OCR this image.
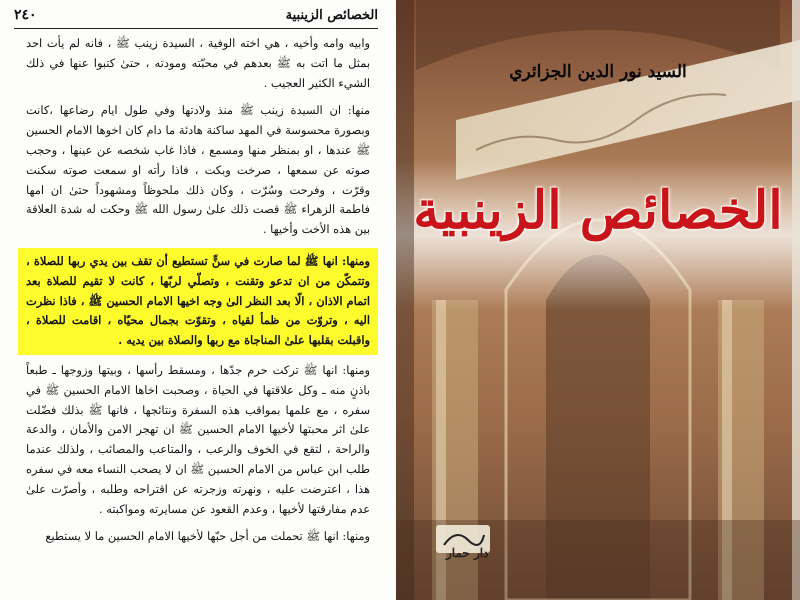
الخصائص الزينبية
٢٤٠

وابيه وامه وأخيه ، هي اخته الوفية ، السيدة زينب ﷺ ، فانه لم يأت احد بمثل ما اتت به ﷺ بعدهم في محبّته ومودته ، حتىٰ كتبوا عنها في ذلك الشيء الكثير العجيب .

منها: ان السيدة زينب ﷺ منذ ولادتها وفي طول ايام رضاعها ،كانت وبصورة محسوسة في المهد ساكنة هادئة ما دام كان اخوها الامام الحسين ﷺ عندها ، او بمنظر منها ومسمع ، فاذا غاب شخصه عن عينها ، وحجب صوته عن سمعها ، صرخت وبكت ، فاذا رأته او سمعت صوته سكنت وقرّت ، وفرحت وسُرّت ، وكان ذلك ملحوظاً ومشهوداً حتىٰ ان امها فاطمة الزهراء ﷺ قصت ذلك علىٰ رسول الله ﷺ وحكت له شدة العلاقة بين هذه الأخت وأخيها .

ومنها: انها ﷺ لما صارت في سنٍّ تستطيع أن تقف بين يدي ربها للصلاة ، وتتمكّن من ان تدعو وتقنت ، وتصلّي لربّها ، كانت لا تقيم للصلاة بعد اتمام الاذان ، الّا بعد النظر الىٰ وجه اخيها الامام الحسين ﷺ ، فاذا نظرت اليه ، وتروّت من ظمأ لقياه ، وتقوّت بجمال محيّاه ، اقامت للصلاة ، واقبلت بقلبها علىٰ المناجاة مع ربها والصلاة بين يديه .

ومنها: انها ﷺ تركت حرم جدّها ، ومسقط رأسها ، وبيتها وزوجها ـ طبعاً باذنٍ منه ـ وكل علاقتها في الحياة ، وصحبت اخاها الامام الحسين ﷺ في سفره ، مع علمها بمواقب هذه السفرة ونتائجها ، فانها ﷺ بذلك فضّلت علىٰ اثر محبتها لأخيها الامام الحسين ﷺ ان تهجر الامن والأمان ، والدعة والراحة ، لتقع في الخوف والرعب ، والمتاعب والمصائب ، ولذلك عندما طلب ابن عباس من الامام الحسين ﷺ ان لا يصحب النساء معه في سفره هذا ، اعترضت عليه ، ونهرته وزجرته عن اقتراحه وطلبه ، وأصرّت علىٰ عدم مفارقتها لأخيها ، وعدم القعود عن مسايرته ومواكبته .

ومنها: انها ﷺ تحملت من أجل حبّها لأخيها الامام الحسين ما لا يستطيع

السيد نور الدين الجزائري
الخصائص الزينبية
دار حمار
